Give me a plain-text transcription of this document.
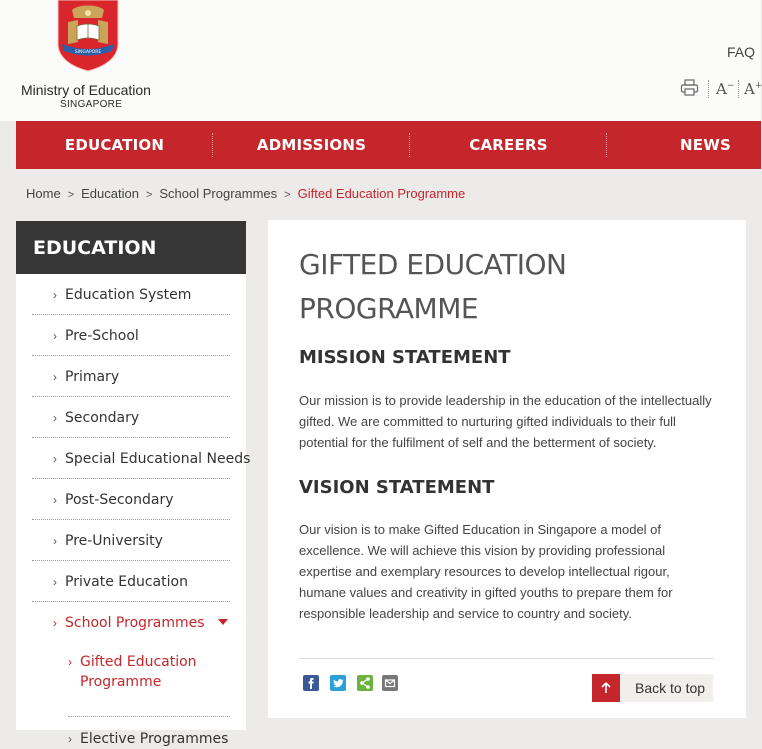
SINGAPORE
Ministry of Education
SINGAPORE
FAQ
A− A+
EDUCATION	ADMISSIONS	CAREERS	NEWS
Home > Education > School Programmes > Gifted Education Programme
EDUCATION
› Education System
› Pre-School
› Primary
› Secondary
› Special Educational Needs
› Post-Secondary
› Pre-University
› Private Education
› School Programmes
› Gifted Education Programme
› Elective Programmes
GIFTED EDUCATION PROGRAMME
MISSION STATEMENT

Our mission is to provide leadership in the education of the intellectually gifted. We are committed to nurturing gifted individuals to their full potential for the fulfilment of self and the betterment of society.

VISION STATEMENT

Our vision is to make Gifted Education in Singapore a model of excellence. We will achieve this vision by providing professional expertise and exemplary resources to develop intellectual rigour, humane values and creativity in gifted youths to prepare them for responsible leadership and service to country and society.

Back to top
